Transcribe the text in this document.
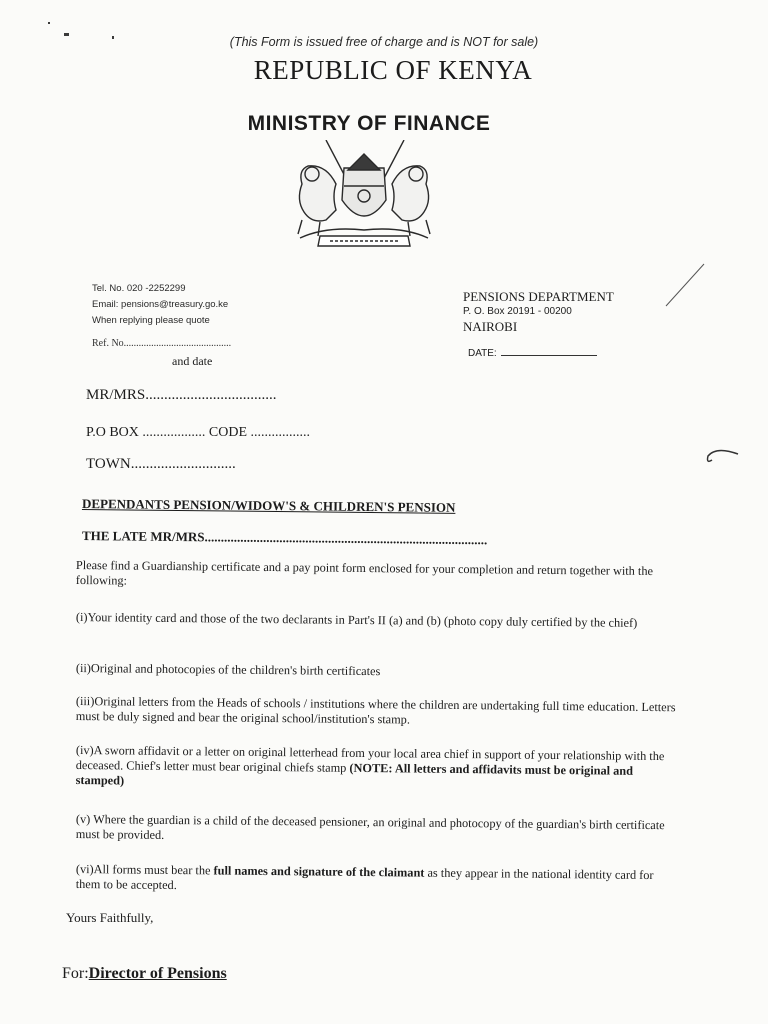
(This Form is issued free of charge and is NOT for sale)
REPUBLIC OF KENYA
MINISTRY OF FINANCE
Tel. No. 020 -2252299
Email: pensions@treasury.go.ke
When replying please quote
Ref. No...........................................
and date
PENSIONS DEPARTMENT
P. O. Box 20191 - 00200
NAIROBI
DATE:
MR/MRS...................................
P.O BOX .................. CODE .................
TOWN............................
DEPENDANTS PENSION/WIDOW'S & CHILDREN'S PENSION
THE LATE MR/MRS.......................................................................................
Please find a Guardianship certificate and a pay point form enclosed for your completion and return together with the following:
(i)Your identity card and those of the two declarants in Part's II (a) and (b) (photo copy duly certified by the chief)
(ii)Original and photocopies of the children's birth certificates
(iii)Original letters from the Heads of schools / institutions where the children are undertaking full time education. Letters must be duly signed and bear the original school/institution's stamp.
(iv)A sworn affidavit or a letter on original letterhead from your local area chief in support of your relationship with the deceased. Chief's letter must bear original chiefs stamp (NOTE: All letters and affidavits must be original and stamped)
(v) Where the guardian is a child of the deceased pensioner, an original and photocopy of the guardian's birth certificate must be provided.
(vi)All forms must bear the full names and signature of the claimant as they appear in the national identity card for them to be accepted.
Yours Faithfully,
For:Director of Pensions
